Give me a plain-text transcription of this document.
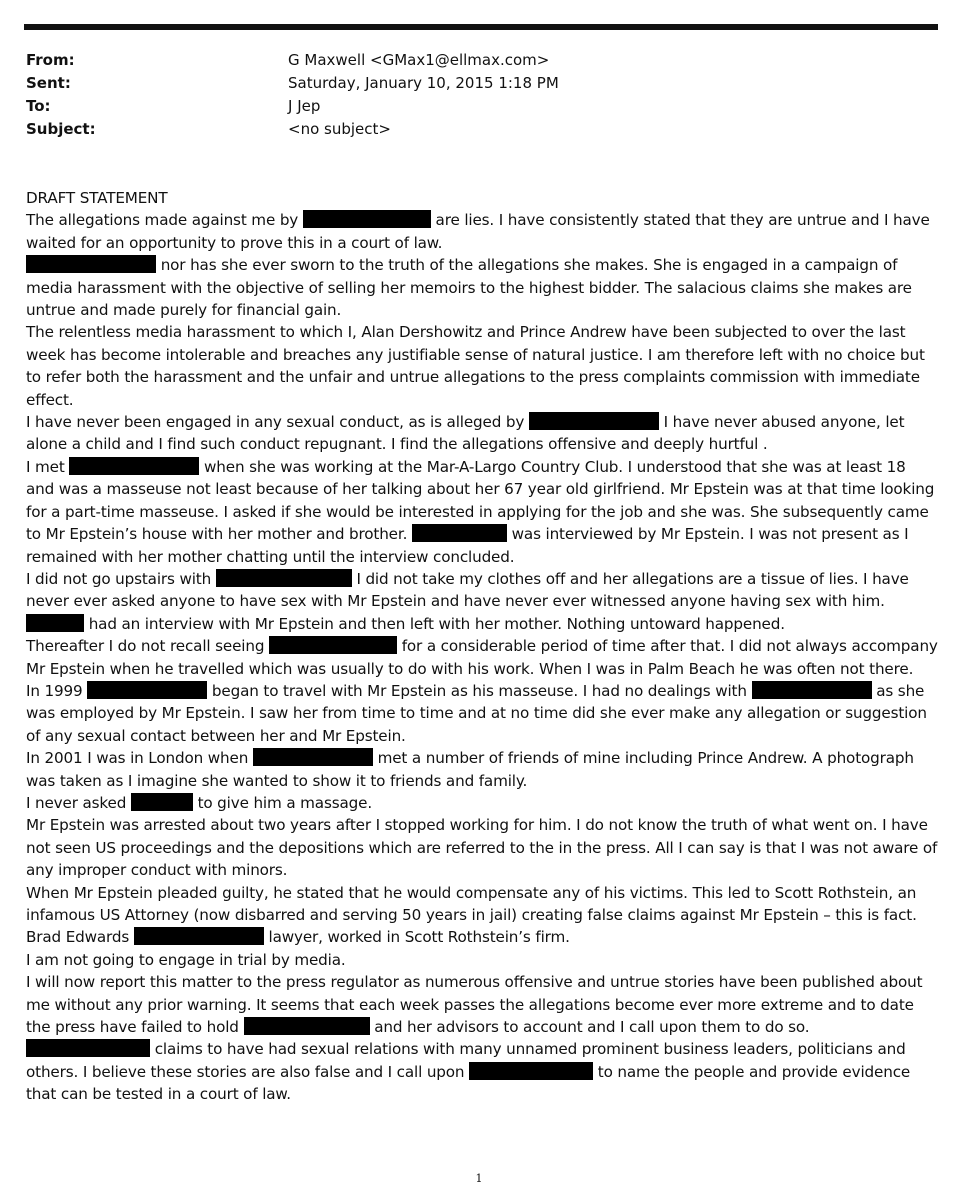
From:	G Maxwell <GMax1@ellmax.com>
Sent:	Saturday, January 10, 2015 1:18 PM
To:	J Jep
Subject:	<no subject>

DRAFT STATEMENT

The allegations made against me by	are lies. I have consistently stated that they are untrue and I have waited for an opportunity to prove this in a court of law.

nor has she ever sworn to the truth of the allegations she makes. She is engaged in a campaign of media harassment with the objective of selling her memoirs to the highest bidder. The salacious claims she makes are untrue and made purely for financial gain.

The relentless media harassment to which I, Alan Dershowitz and Prince Andrew have been subjected to over the last week has become intolerable and breaches any justifiable sense of natural justice. I am therefore left with no choice but to refer both the harassment and the unfair and untrue allegations to the press complaints commission with immediate effect.

I have never been engaged in any sexual conduct, as is alleged by	I have never abused anyone, let alone a child and I find such conduct repugnant. I find the allegations offensive and deeply hurtful .

I met	when she was working at the Mar-A-Largo Country Club. I understood that she was at least 18 and was a masseuse not least because of her talking about her 67 year old girlfriend. Mr Epstein was at that time looking for a part-time masseuse. I asked if she would be interested in applying for the job and she was. She subsequently came to Mr Epstein’s house with her mother and brother.	was interviewed by Mr Epstein. I was not present as I remained with her mother chatting until the interview concluded.

I did not go upstairs with	I did not take my clothes off and her allegations are a tissue of lies. I have never ever asked anyone to have sex with Mr Epstein and have never ever witnessed anyone having sex with him.

had an interview with Mr Epstein and then left with her mother. Nothing untoward happened.

Thereafter I do not recall seeing	for a considerable period of time after that. I did not always accompany Mr Epstein when he travelled which was usually to do with his work. When I was in Palm Beach he was often not there.

In 1999	began to travel with Mr Epstein as his masseuse. I had no dealings with	as she was employed by Mr Epstein. I saw her from time to time and at no time did she ever make any allegation or suggestion of any sexual contact between her and Mr Epstein.

In 2001 I was in London when	met a number of friends of mine including Prince Andrew. A photograph was taken as I imagine she wanted to show it to friends and family.

I never asked	to give him a massage.

Mr Epstein was arrested about two years after I stopped working for him. I do not know the truth of what went on. I have not seen US proceedings and the depositions which are referred to the in the press. All I can say is that I was not aware of any improper conduct with minors.

When Mr Epstein pleaded guilty, he stated that he would compensate any of his victims. This led to Scott Rothstein, an infamous US Attorney (now disbarred and serving 50 years in jail) creating false claims against Mr Epstein – this is fact.

Brad Edwards	lawyer, worked in Scott Rothstein’s firm.

I am not going to engage in trial by media.

I will now report this matter to the press regulator as numerous offensive and untrue stories have been published about me without any prior warning. It seems that each week passes the allegations become ever more extreme and to date the press have failed to hold	and her advisors to account and I call upon them to do so.

claims to have had sexual relations with many unnamed prominent business leaders, politicians and others. I believe these stories are also false and I call upon	to name the people and provide evidence that can be tested in a court of law.

1
